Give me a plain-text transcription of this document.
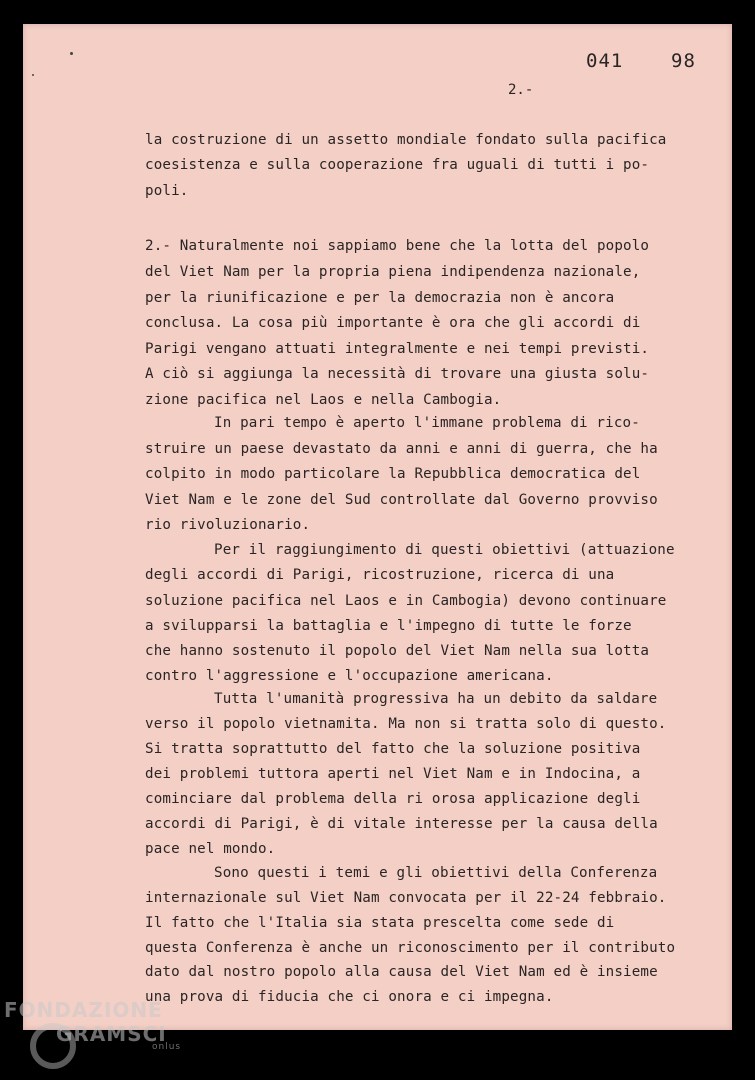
041	98
2.-
la costruzione di un assetto mondiale fondato sulla pacifica
coesistenza e sulla cooperazione fra uguali di tutti i po-
poli.
2.- Naturalmente noi sappiamo bene che la lotta del popolo
del Viet Nam per la propria piena indipendenza nazionale,
per la riunificazione e per la democrazia non è ancora
conclusa. La cosa più importante è ora che gli accordi di
Parigi vengano attuati integralmente e nei tempi previsti.
A ciò si aggiunga la necessità di trovare una giusta solu-
zione pacifica nel Laos e nella Cambogia.
In pari tempo è aperto l'immane problema di rico-
struire un paese devastato da anni e anni di guerra, che ha
colpito in modo particolare la Repubblica democratica del
Viet Nam e le zone del Sud controllate dal Governo provviso
rio rivoluzionario.
Per il raggiungimento di questi obiettivi (attuazione
degli accordi di Parigi, ricostruzione, ricerca di una
soluzione pacifica nel Laos e in Cambogia) devono continuare
a svilupparsi la battaglia e l'impegno di tutte le forze
che hanno sostenuto il popolo del Viet Nam nella sua lotta
contro l'aggressione e l'occupazione americana.
Tutta l'umanità progressiva ha un debito da saldare
verso il popolo vietnamita. Ma non si tratta solo di questo.
Si tratta soprattutto del fatto che la soluzione positiva
dei problemi tuttora aperti nel Viet Nam e in Indocina, a
cominciare dal problema della ri orosa applicazione degli
accordi di Parigi, è di vitale interesse per la causa della
pace nel mondo.
Sono questi i temi e gli obiettivi della Conferenza
internazionale sul Viet Nam convocata per il 22-24 febbraio.
Il fatto che l'Italia sia stata prescelta come sede di
questa Conferenza è anche un riconoscimento per il contributo
dato dal nostro popolo alla causa del Viet Nam ed è insieme
una prova di fiducia che ci onora e ci impegna.
FONDAZIONE
GRAMSCI
onlus
